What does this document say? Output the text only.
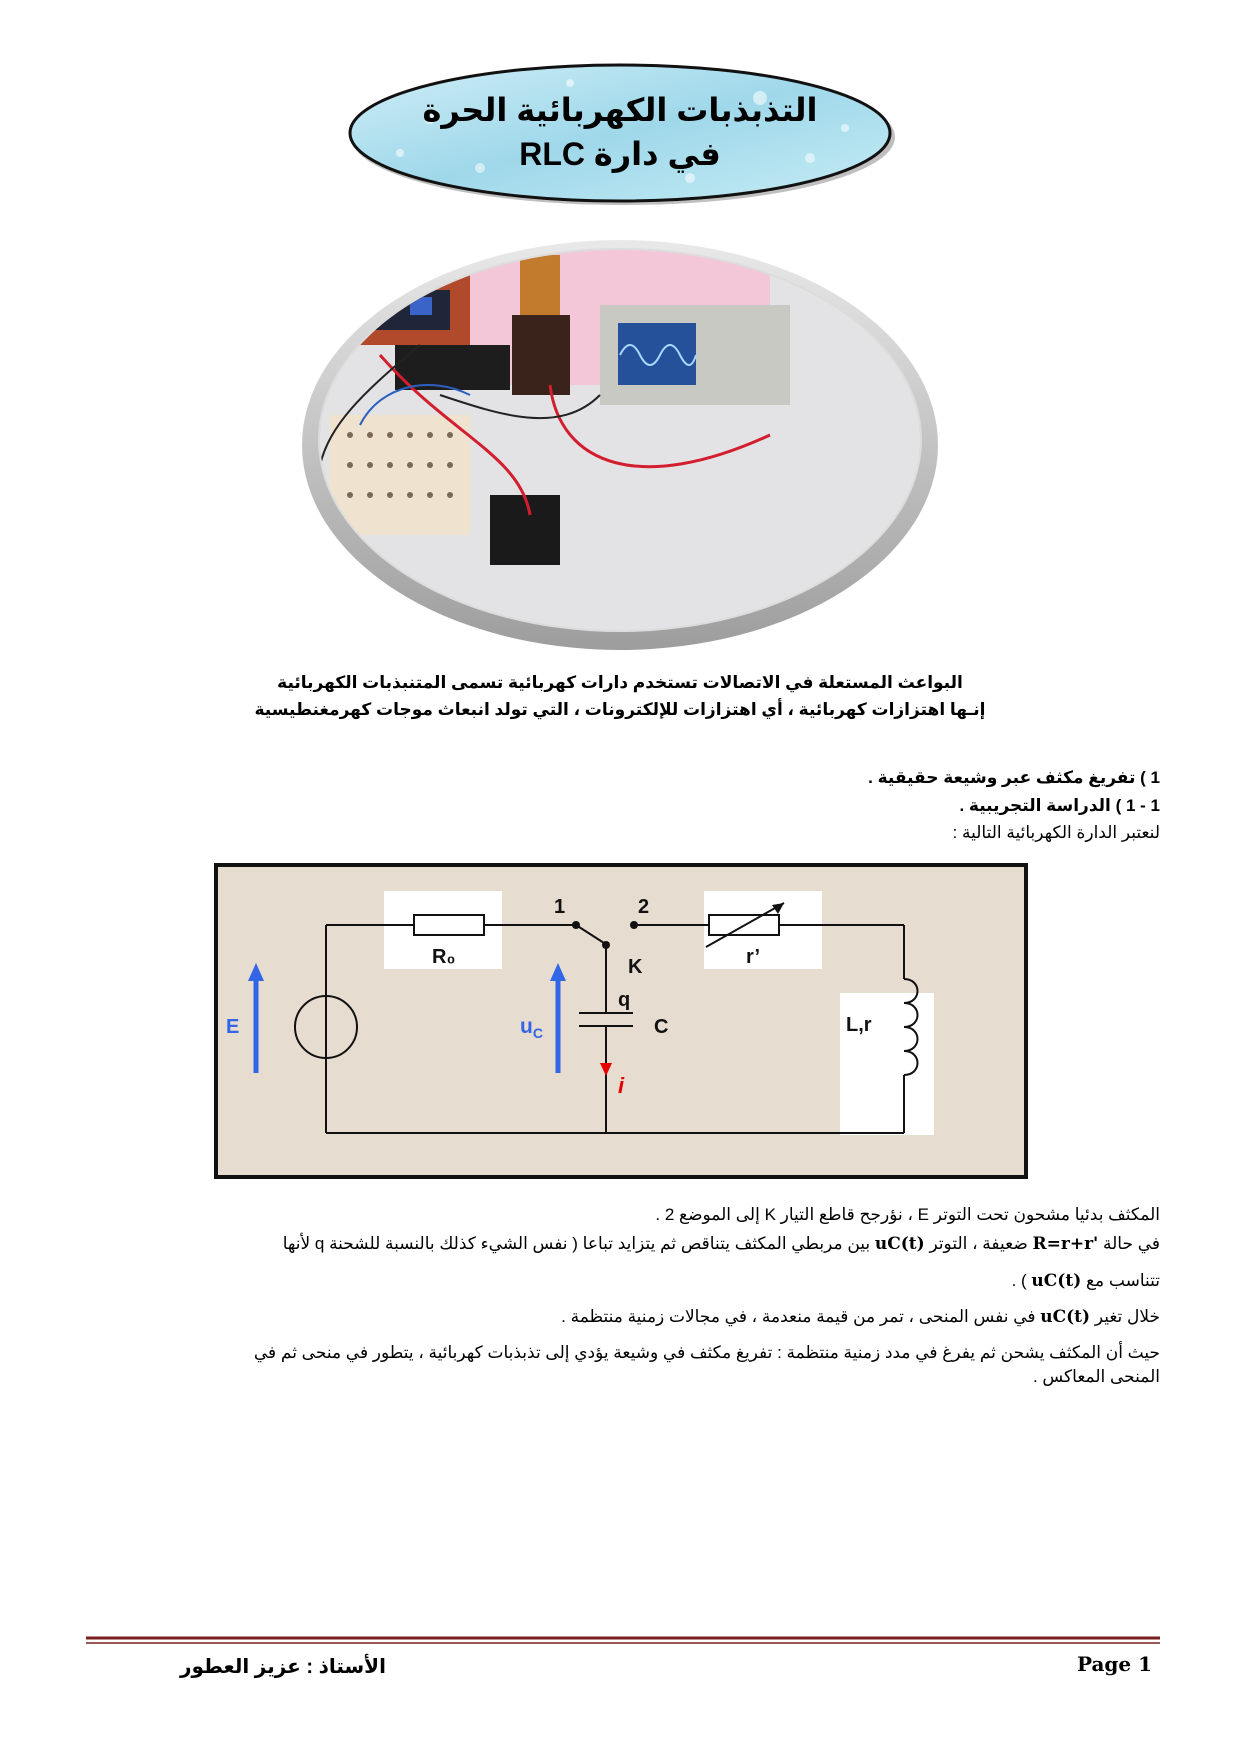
التذبذبات الكهربائية الحرة
في دارة RLC
البواعث المستعلة في الاتصالات تستخدم دارات كهربائية تسمى المتنبذبات الكهربائية
إنـها اهتزازات كهربائية ، أي اهتزازات للإلكترونات ، التي تولد انبعاث موجات كهرمغنطيسية
1 ) تفريغ مكثف عبر وشيعة حقيقية .
1 - 1 ) الدراسة التجريبية .
لنعتبر الدارة الكهربائية التالية :
E
R₀
1	2
K
q
$u_C$	C
i
r’
L,r
المكثف بدئيا مشحون تحت التوتر E ، نؤرجح قاطع التيار K إلى الموضع 2 .
في حالة R=r+r' ضعيفة ، التوتر uC(t) بين مربطي المكثف يتناقص ثم يتزايد تباعا ( نفس الشيء كذلك بالنسبة للشحنة q لأنها
تتناسب مع uC(t) ) .
خلال تغير uC(t) في نفس المنحى ، تمر من قيمة منعدمة ، في مجالات زمنية منتظمة .
حيث أن المكثف يشحن ثم يفرغ في مدد زمنية منتظمة : تفريغ مكثف في وشيعة يؤدي إلى تذبذبات كهربائية ، يتطور في منحى ثم في
المنحى المعاكس .
الأستاذ : عزيز العطور	Page 1
